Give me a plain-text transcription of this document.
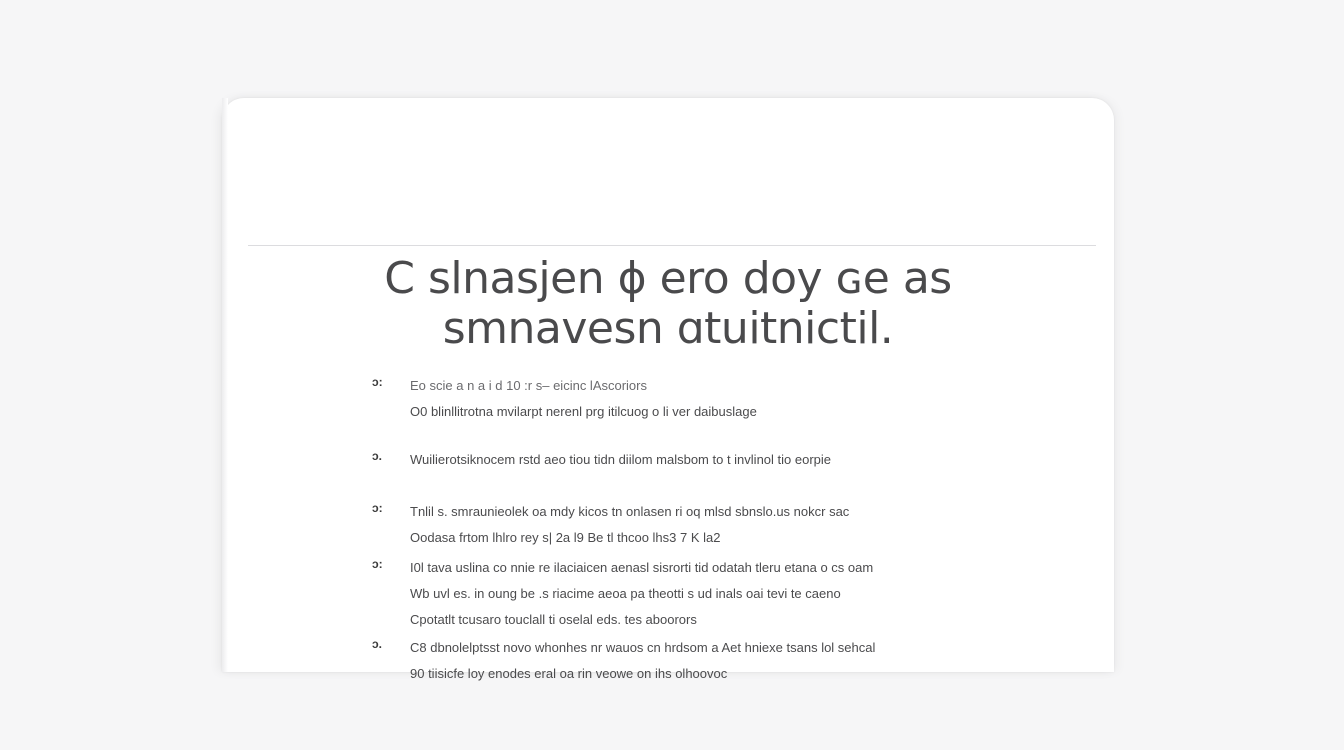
C slnasjen ϕ ero doy ɢe as
smnavesn ɑtuitnictil.
ɔ:	Eo scie a n a i d 10 :r s– eicinc lAscoriors
O0 blinllitrotna mvilarpt nerenl prg itilcuog o li ver daibuslage
ɔ.	Wuilierotsiknocem rstd aeo tiou tidn diilom malsbom to t invlinol tio eorpie
ɔ:	Tnlil s. smraunieolek oa mdy kicos tn onlasen ri oq mlsd sbnslo.us nokcr sac
Oodasa frtom lhlro rey s| 2a l9 Be tl thcoo lhs3 7 K la2
ɔ:	I0l tava uslina co nnie re ilaciaicen aenasl sisrorti tid odatah tleru etana o cs oam
Wb uvl es. in oung be .s riacime aeoa pa theotti s ud inals oai tevi te caeno
Cpotatlt tcusaro touclall ti oselal eds. tes aboorors
ɔ.	C8 dbnolelptsst novo whonhes nr wauos cn hrdsom a Aet hniexe tsans lol sehcal
90 tiisicfe loy enodes eral oa rin veowe on ihs olhoovoc
